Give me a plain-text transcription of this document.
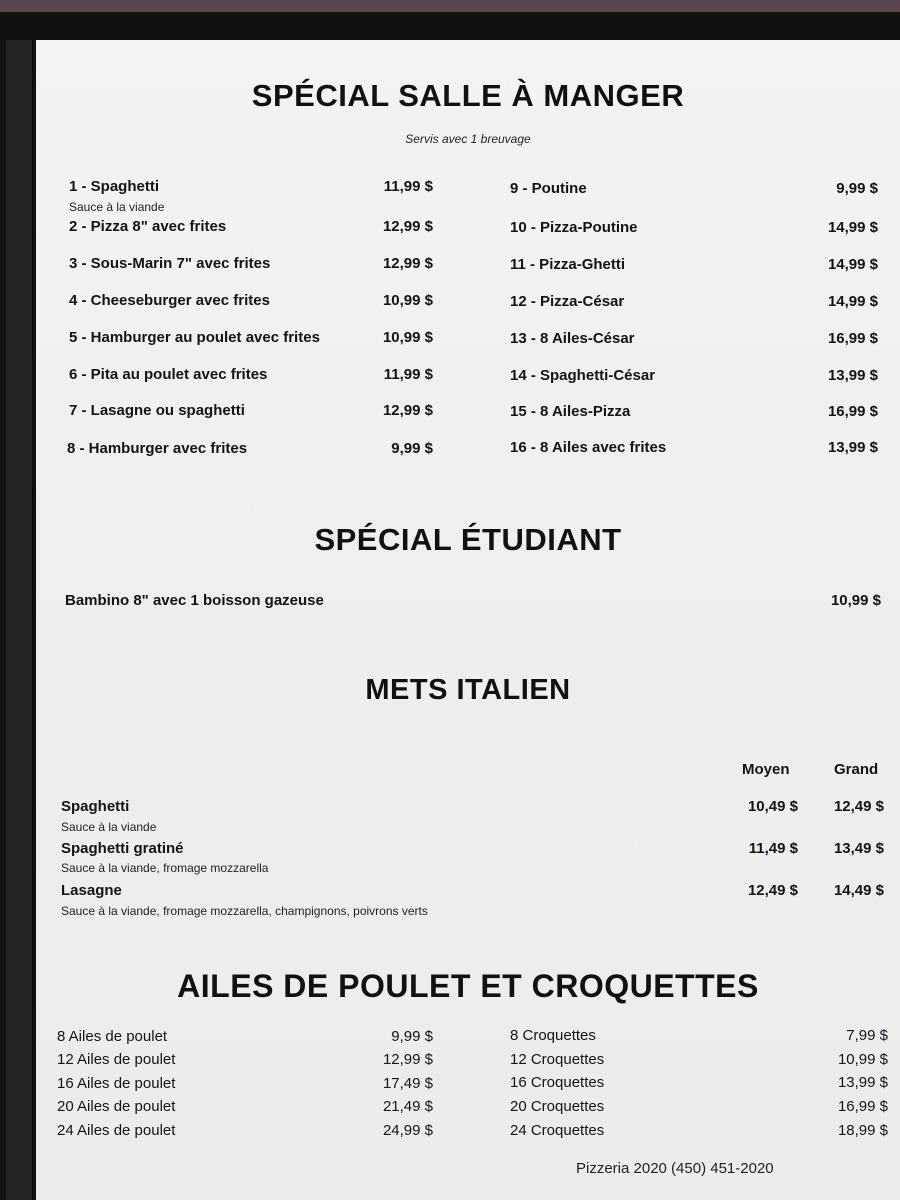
SPÉCIAL SALLE À MANGER
Servis avec 1 breuvage
1 - Spaghetti	11,99 $
Sauce à la viande
2 - Pizza 8" avec frites	12,99 $
3 - Sous-Marin 7" avec frites	12,99 $
4 - Cheeseburger avec frites	10,99 $
5 - Hamburger au poulet avec frites	10,99 $
6 - Pita au poulet avec frites	11,99 $
7 - Lasagne ou spaghetti	12,99 $
8 - Hamburger avec frites	9,99 $
9 - Poutine	9,99 $
10 - Pizza-Poutine	14,99 $
11 - Pizza-Ghetti	14,99 $
12 - Pizza-César	14,99 $
13 - 8 Ailes-César	16,99 $
14 - Spaghetti-César	13,99 $
15 - 8 Ailes-Pizza	16,99 $
16 - 8 Ailes avec frites	13,99 $
SPÉCIAL ÉTUDIANT
Bambino 8" avec 1 boisson gazeuse	10,99 $
METS ITALIEN
Moyen	Grand
Spaghetti
Sauce à la viande
10,49 $ 12,49 $
Spaghetti gratiné
Sauce à la viande, fromage mozzarella
11,49 $ 13,49 $
Lasagne
Sauce à la viande, fromage mozzarella, champignons, poivrons verts
12,49 $ 14,49 $
AILES DE POULET ET CROQUETTES
8 Ailes de poulet	9,99 $
12 Ailes de poulet	12,99 $
16 Ailes de poulet	17,49 $
20 Ailes de poulet	21,49 $
24 Ailes de poulet	24,99 $
8 Croquettes	7,99 $
12 Croquettes	10,99 $
16 Croquettes	13,99 $
20 Croquettes	16,99 $
24 Croquettes	18,99 $
Pizzeria 2020 (450) 451-2020
